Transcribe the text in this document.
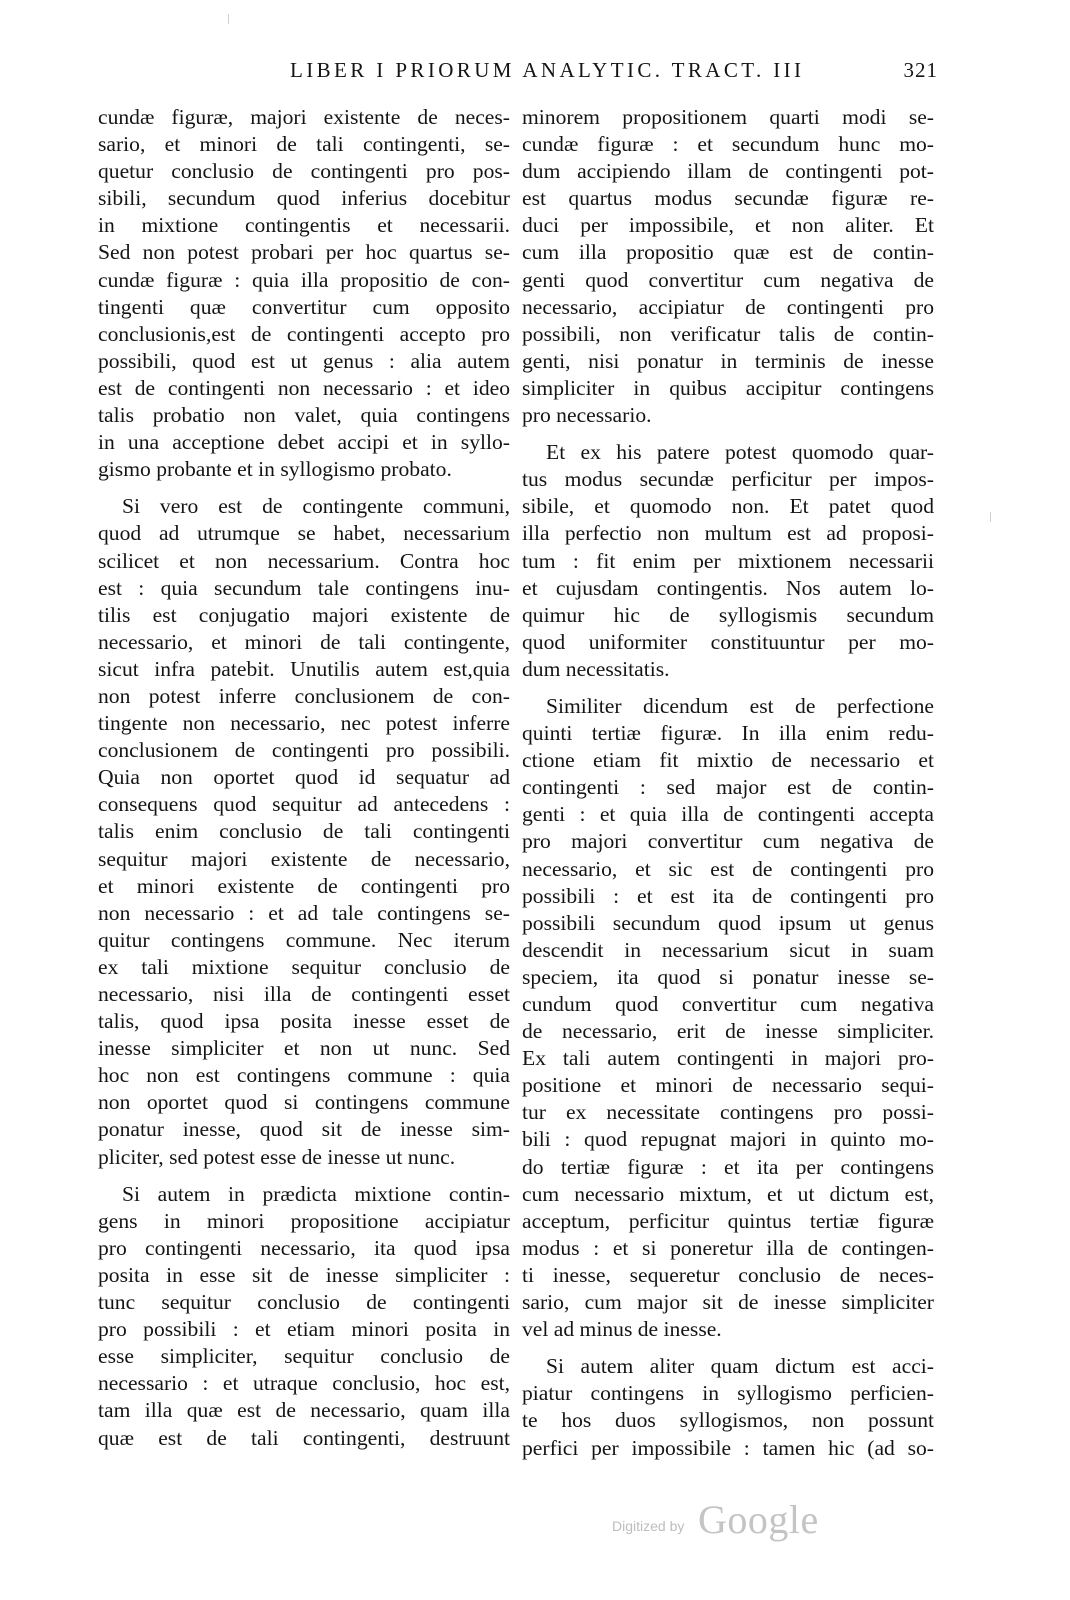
LIBER I PRIORUM ANALYTIC. TRACT. III	321
cundæ figuræ, majori existente de neces-
sario, et minori de tali contingenti, se-
quetur conclusio de contingenti pro pos-
sibili, secundum quod inferius docebitur
in mixtione contingentis et necessarii.
Sed non potest probari per hoc quartus se-
cundæ figuræ : quia illa propositio de con-
tingenti quæ convertitur cum opposito
conclusionis,est de contingenti accepto pro
possibili, quod est ut genus : alia autem
est de contingenti non necessario : et ideo
talis probatio non valet, quia contingens
in una acceptione debet accipi et in syllo-
gismo probante et in syllogismo probato.
Si vero est de contingente communi,
quod ad utrumque se habet, necessarium
scilicet et non necessarium. Contra hoc
est : quia secundum tale contingens inu-
tilis est conjugatio majori existente de
necessario, et minori de tali contingente,
sicut infra patebit. Unutilis autem est,quia
non potest inferre conclusionem de con-
tingente non necessario, nec potest inferre
conclusionem de contingenti pro possibili.
Quia non oportet quod id sequatur ad
consequens quod sequitur ad antecedens :
talis enim conclusio de tali contingenti
sequitur majori existente de necessario,
et minori existente de contingenti pro
non necessario : et ad tale contingens se-
quitur contingens commune. Nec iterum
ex tali mixtione sequitur conclusio de
necessario, nisi illa de contingenti esset
talis, quod ipsa posita inesse esset de
inesse simpliciter et non ut nunc. Sed
hoc non est contingens commune : quia
non oportet quod si contingens commune
ponatur inesse, quod sit de inesse sim-
pliciter, sed potest esse de inesse ut nunc.
Si autem in prædicta mixtione contin-
gens in minori propositione accipiatur
pro contingenti necessario, ita quod ipsa
posita in esse sit de inesse simpliciter :
tunc sequitur conclusio de contingenti
pro possibili : et etiam minori posita in
esse simpliciter, sequitur conclusio de
necessario : et utraque conclusio, hoc est,
tam illa quæ est de necessario, quam illa
quæ est de tali contingenti, destruunt
minorem propositionem quarti modi se-
cundæ figuræ : et secundum hunc mo-
dum accipiendo illam de contingenti pot-
est quartus modus secundæ figuræ re-
duci per impossibile, et non aliter. Et
cum illa propositio quæ est de contin-
genti quod convertitur cum negativa de
necessario, accipiatur de contingenti pro
possibili, non verificatur talis de contin-
genti, nisi ponatur in terminis de inesse
simpliciter in quibus accipitur contingens
pro necessario.
Et ex his patere potest quomodo quar-
tus modus secundæ perficitur per impos-
sibile, et quomodo non. Et patet quod
illa perfectio non multum est ad proposi-
tum : fit enim per mixtionem necessarii
et cujusdam contingentis. Nos autem lo-
quimur hic de syllogismis secundum
quod uniformiter constituuntur per mo-
dum necessitatis.
Similiter dicendum est de perfectione
quinti tertiæ figuræ. In illa enim redu-
ctione etiam fit mixtio de necessario et
contingenti : sed major est de contin-
genti : et quia illa de contingenti accepta
pro majori convertitur cum negativa de
necessario, et sic est de contingenti pro
possibili : et est ita de contingenti pro
possibili secundum quod ipsum ut genus
descendit in necessarium sicut in suam
speciem, ita quod si ponatur inesse se-
cundum quod convertitur cum negativa
de necessario, erit de inesse simpliciter.
Ex tali autem contingenti in majori pro-
positione et minori de necessario sequi-
tur ex necessitate contingens pro possi-
bili : quod repugnat majori in quinto mo-
do tertiæ figuræ : et ita per contingens
cum necessario mixtum, et ut dictum est,
acceptum, perficitur quintus tertiæ figuræ
modus : et si poneretur illa de contingen-
ti inesse, sequeretur conclusio de neces-
sario, cum major sit de inesse simpliciter
vel ad minus de inesse.
Si autem aliter quam dictum est acci-
piatur contingens in syllogismo perficien-
te hos duos syllogismos, non possunt
perfici per impossibile : tamen hic (ad so-
Digitized by Google
